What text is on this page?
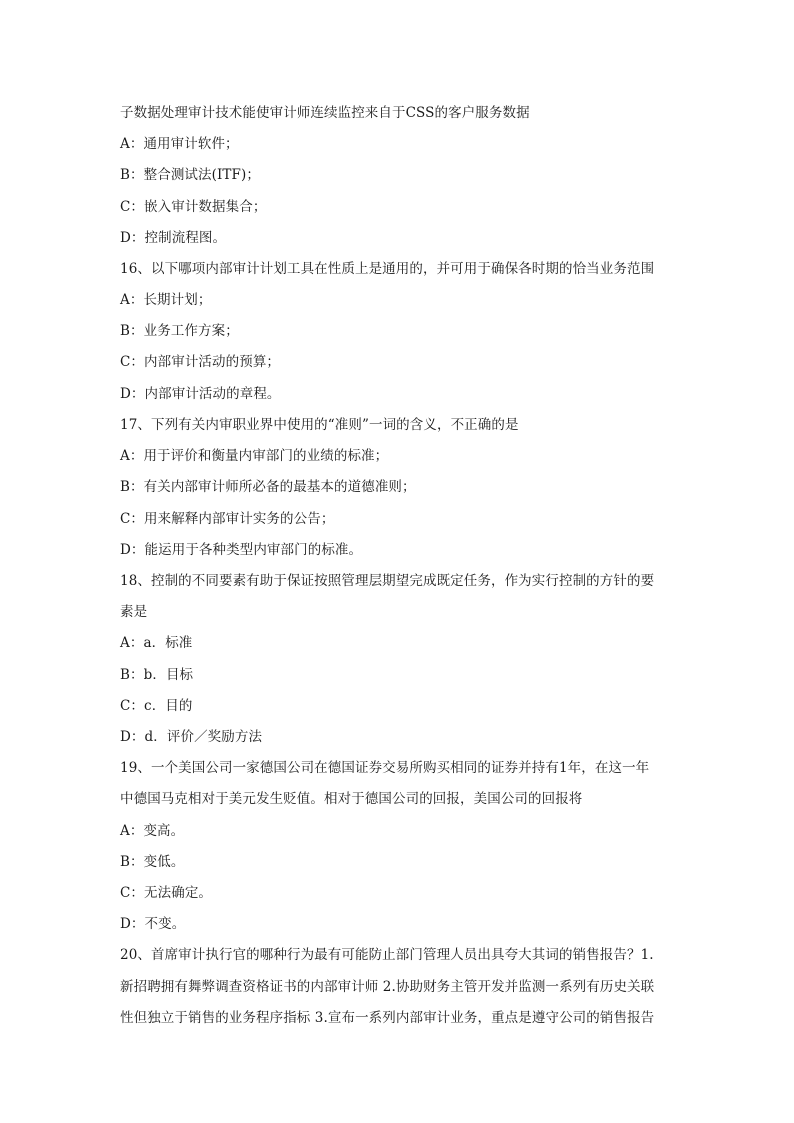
子数据处理审计技术能使审计师连续监控来自于CSS的客户服务数据
A：通用审计软件；
B：整合测试法(ITF)；
C：嵌入审计数据集合；
D：控制流程图。
16、以下哪项内部审计计划工具在性质上是通用的，并可用于确保各时期的恰当业务范围
A：长期计划；
B：业务工作方案；
C：内部审计活动的预算；
D：内部审计活动的章程。
17、下列有关内审职业界中使用的“准则”一词的含义，不正确的是
A：用于评价和衡量内审部门的业绩的标准；
B：有关内部审计师所必备的最基本的道德准则；
C：用来解释内部审计实务的公告；
D：能运用于各种类型内审部门的标准。
18、控制的不同要素有助于保证按照管理层期望完成既定任务，作为实行控制的方针的要
素是
A：a．标准
B：b．目标
C：c．目的
D：d．评价／奖励方法
19、一个美国公司一家德国公司在德国证券交易所购买相同的证券并持有1年，在这一年
中德国马克相对于美元发生贬值。相对于德国公司的回报，美国公司的回报将
A：变高。
B：变低。
C：无法确定。
D：不变。
20、首席审计执行官的哪种行为最有可能防止部门管理人员出具夸大其词的销售报告？1.
新招聘拥有舞弊调查资格证书的内部审计师 2.协助财务主管开发并监测一系列有历史关联
性但独立于销售的业务程序指标 3.宣布一系列内部审计业务，重点是遵守公司的销售报告
